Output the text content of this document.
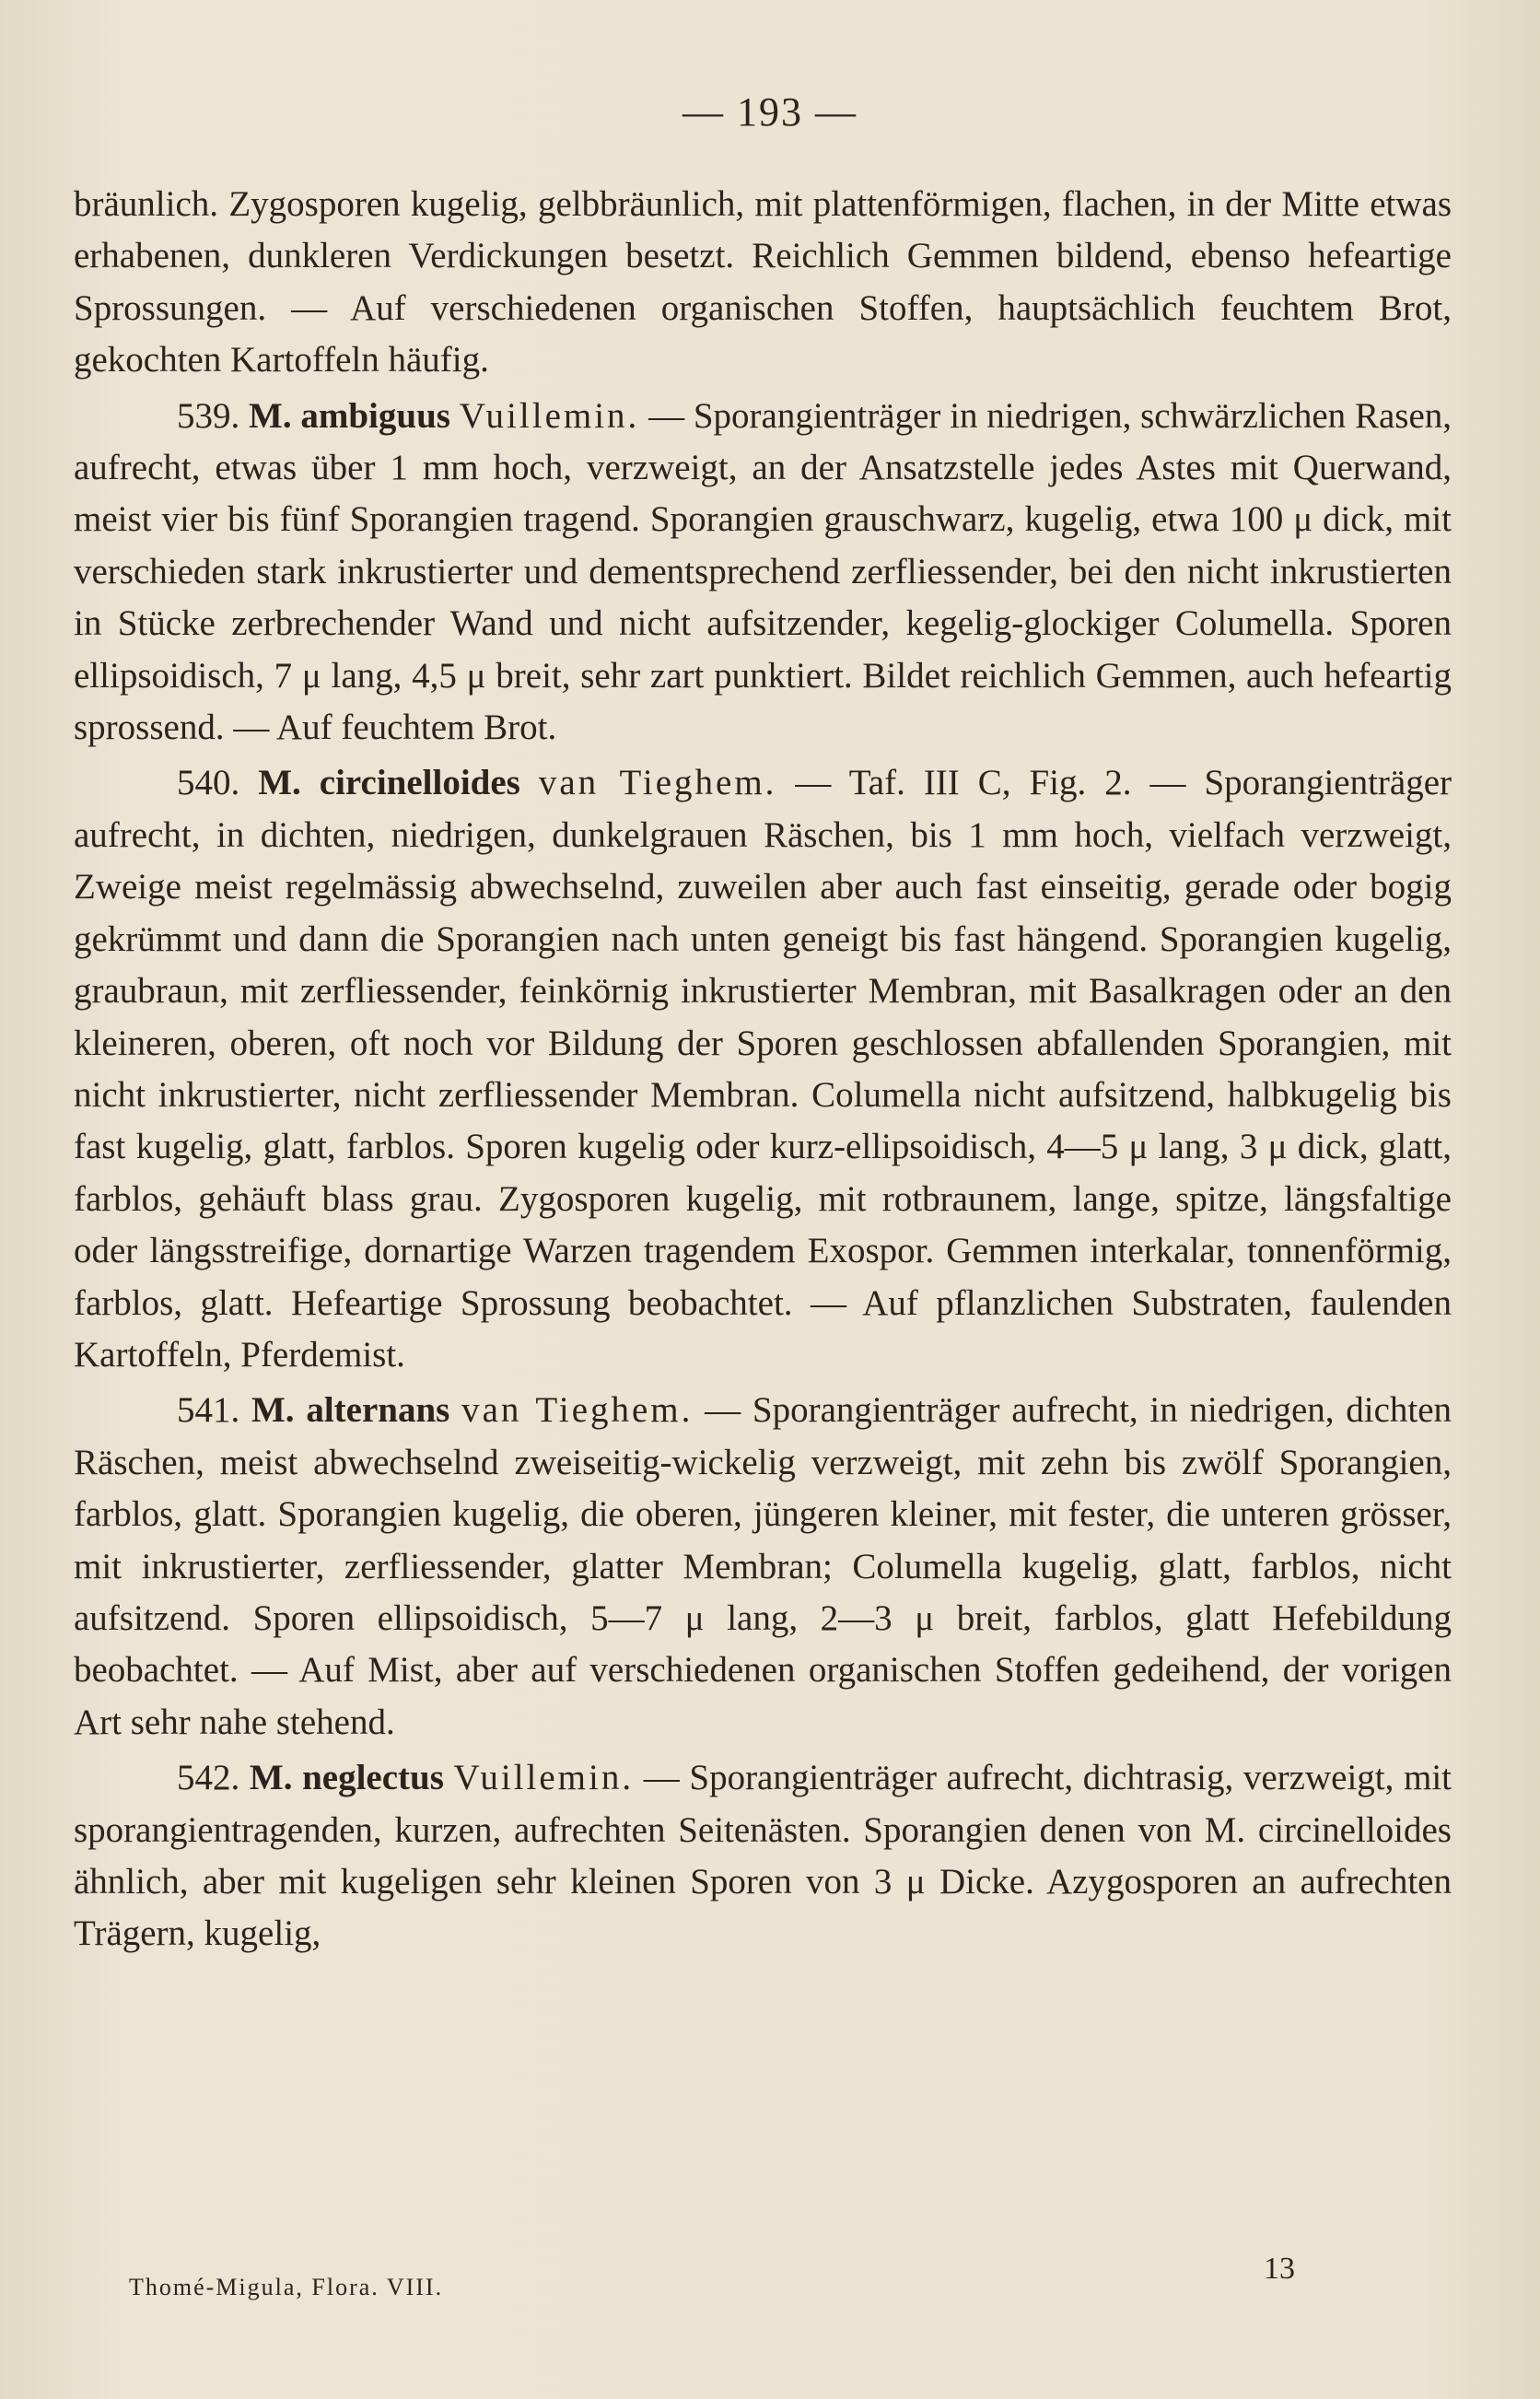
— 193 —

bräunlich. Zygosporen kugelig, gelbbräunlich, mit plattenförmigen, flachen, in der Mitte etwas erhabenen, dunkleren Verdickungen besetzt. Reichlich Gemmen bildend, ebenso hefeartige Sprossungen. — Auf verschiedenen organischen Stoffen, hauptsächlich feuchtem Brot, gekochten Kartoffeln häufig.

539. M. ambiguus Vuillemin. — Sporangienträger in niedrigen, schwärzlichen Rasen, aufrecht, etwas über 1 mm hoch, verzweigt, an der Ansatzstelle jedes Astes mit Querwand, meist vier bis fünf Sporangien tragend. Sporangien grauschwarz, kugelig, etwa 100 μ dick, mit verschieden stark inkrustierter und dementsprechend zerfliessender, bei den nicht inkrustierten in Stücke zerbrechender Wand und nicht aufsitzender, kegelig-glockiger Columella. Sporen ellipsoidisch, 7 μ lang, 4,5 μ breit, sehr zart punktiert. Bildet reichlich Gemmen, auch hefeartig sprossend. — Auf feuchtem Brot.

540. M. circinelloides van Tieghem. — Taf. III C, Fig. 2. — Sporangienträger aufrecht, in dichten, niedrigen, dunkelgrauen Räschen, bis 1 mm hoch, vielfach verzweigt, Zweige meist regelmässig abwechselnd, zuweilen aber auch fast einseitig, gerade oder bogig gekrümmt und dann die Sporangien nach unten geneigt bis fast hängend. Sporangien kugelig, graubraun, mit zerfliessender, feinkörnig inkrustierter Membran, mit Basalkragen oder an den kleineren, oberen, oft noch vor Bildung der Sporen geschlossen abfallenden Sporangien, mit nicht inkrustierter, nicht zerfliessender Membran. Columella nicht aufsitzend, halbkugelig bis fast kugelig, glatt, farblos. Sporen kugelig oder kurz-ellipsoidisch, 4—5 μ lang, 3 μ dick, glatt, farblos, gehäuft blass grau. Zygosporen kugelig, mit rotbraunem, lange, spitze, längsfaltige oder längsstreifige, dornartige Warzen tragendem Exospor. Gemmen interkalar, tonnenförmig, farblos, glatt. Hefeartige Sprossung beobachtet. — Auf pflanzlichen Substraten, faulenden Kartoffeln, Pferdemist.

541. M. alternans van Tieghem. — Sporangienträger aufrecht, in niedrigen, dichten Räschen, meist abwechselnd zweiseitig-wickelig verzweigt, mit zehn bis zwölf Sporangien, farblos, glatt. Sporangien kugelig, die oberen, jüngeren kleiner, mit fester, die unteren grösser, mit inkrustierter, zerfliessender, glatter Membran; Columella kugelig, glatt, farblos, nicht aufsitzend. Sporen ellipsoidisch, 5—7 μ lang, 2—3 μ breit, farblos, glatt Hefebildung beobachtet. — Auf Mist, aber auf verschiedenen organischen Stoffen gedeihend, der vorigen Art sehr nahe stehend.

542. M. neglectus Vuillemin. — Sporangienträger aufrecht, dichtrasig, verzweigt, mit sporangientragenden, kurzen, aufrechten Seitenästen. Sporangien denen von M. circinelloides ähnlich, aber mit kugeligen sehr kleinen Sporen von 3 μ Dicke. Azygosporen an aufrechten Trägern, kugelig,

Thomé-Migula, Flora. VIII.
13
